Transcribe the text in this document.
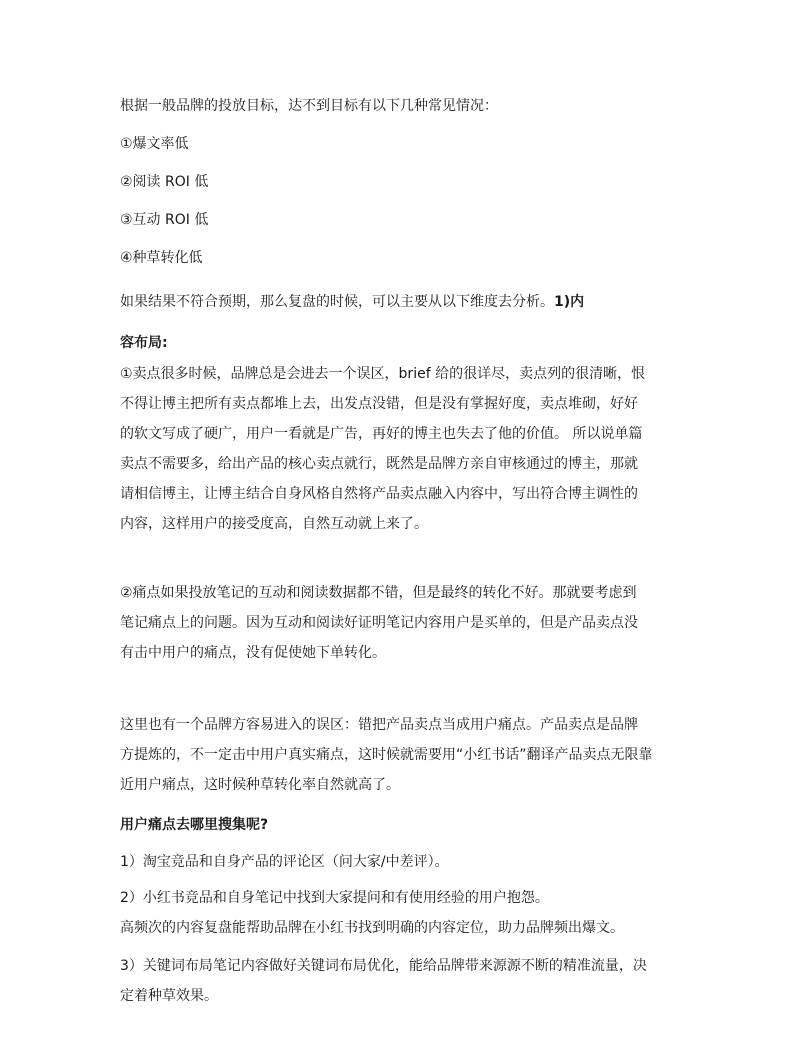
根据一般品牌的投放目标，达不到目标有以下几种常见情况：

①爆文率低

②阅读 ROI 低

③互动 ROI 低

④种草转化低

如果结果不符合预期，那么复盘的时候，可以主要从以下维度去分析。1)内

容布局:

①卖点很多时候，品牌总是会进去一个误区，brief 给的很详尽，卖点列的很清晰，恨
不得让博主把所有卖点都堆上去，出发点没错，但是没有掌握好度，卖点堆砌，好好
的软文写成了硬广，用户一看就是广告，再好的博主也失去了他的价值。 所以说单篇
卖点不需要多，给出产品的核心卖点就行，既然是品牌方亲自审核通过的博主，那就
请相信博主，让博主结合自身风格自然将产品卖点融入内容中，写出符合博主调性的
内容，这样用户的接受度高，自然互动就上来了。
②痛点如果投放笔记的互动和阅读数据都不错，但是最终的转化不好。那就要考虑到
笔记痛点上的问题。因为互动和阅读好证明笔记内容用户是买单的，但是产品卖点没
有击中用户的痛点，没有促使她下单转化。
这里也有一个品牌方容易进入的误区：错把产品卖点当成用户痛点。产品卖点是品牌
方提炼的，不一定击中用户真实痛点，这时候就需要用“小红书话”翻译产品卖点无限靠
近用户痛点，这时候种草转化率自然就高了。

用户痛点去哪里搜集呢?

1）淘宝竞品和自身产品的评论区（问大家/中差评）。

2）小红书竞品和自身笔记中找到大家提问和有使用经验的用户抱怨。

高频次的内容复盘能帮助品牌在小红书找到明确的内容定位，助力品牌频出爆文。

3）关键词布局笔记内容做好关键词布局优化，能给品牌带来源源不断的精准流量，决
定着种草效果。
